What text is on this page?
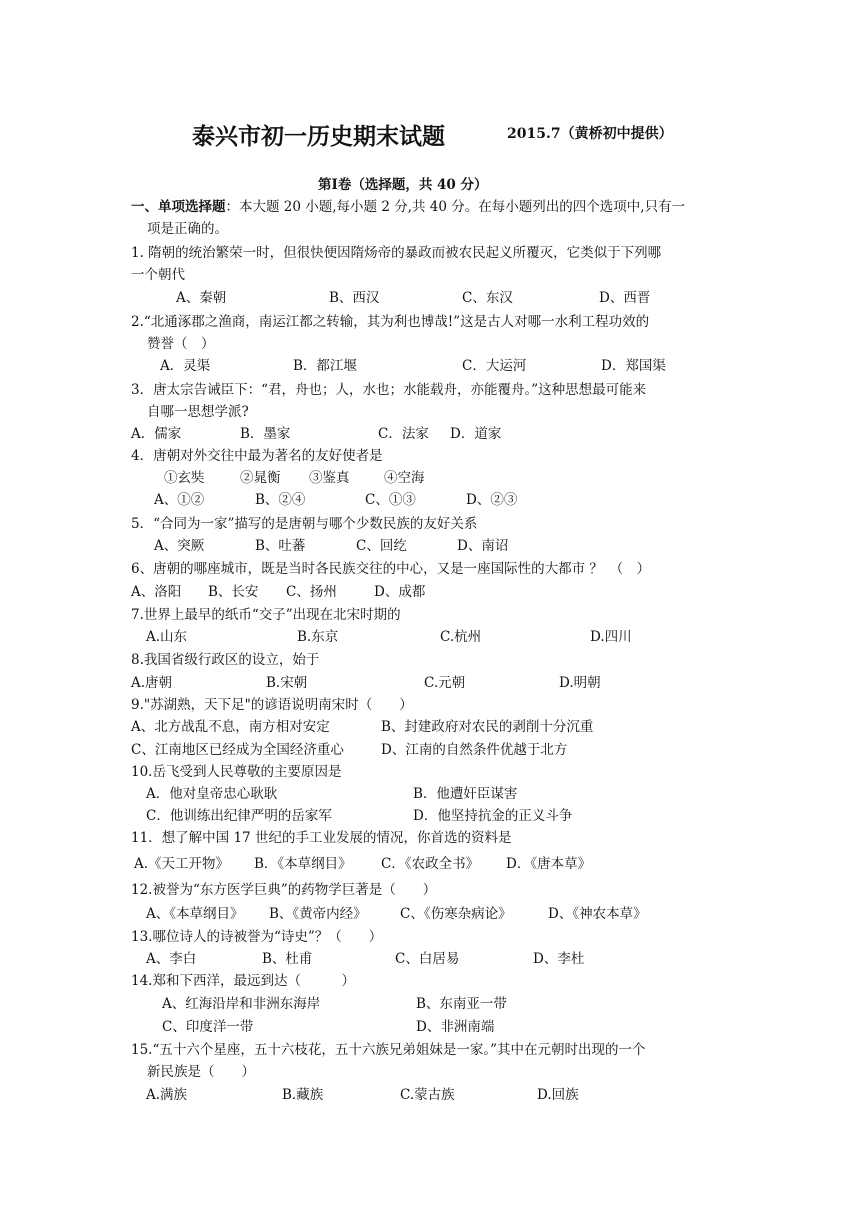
泰兴市初一历史期末试题	2015.7（黄桥初中提供）
第Ⅰ卷（选择题，共 40 分）
一、单项选择题：本大题 20 小题,每小题 2 分,共 40 分。在每小题列出的四个选项中,只有一
项是正确的。
1. 隋朝的统治繁荣一时，但很快便因隋炀帝的暴政而被农民起义所覆灭，它类似于下列哪
一个朝代
A、秦朝	B、西汉	C、东汉	D、西晋
2.“北通涿郡之渔商，南运江都之转输，其为利也博哉!”这是古人对哪一水利工程功效的
赞誉（　）
A．灵渠	B．都江堰	C．大运河	D．郑国渠
3．唐太宗告诫臣下：“君，舟也；人，水也；水能载舟，亦能覆舟。”这种思想最可能来
自哪一思想学派?
A．儒家	B．墨家	C．法家 D．道家
4．唐朝对外交往中最为著名的友好使者是
①玄奘	②晁衡 ③鉴真	④空海
A、①②	B、②④	C、①③	D、②③
5．“合同为一家”描写的是唐朝与哪个少数民族的友好关系
A、突厥	B、吐蕃	C、回纥	D、南诏
6、唐朝的哪座城市，既是当时各民族交往的中心，又是一座国际性的大都市 ？　（　）
A、洛阳 B、长安 C、扬州	D、成都
7.世界上最早的纸币“交子”出现在北宋时期的
A.山东	B.东京	C.杭州	D.四川
8.我国省级行政区的设立，始于
A.唐朝	B.宋朝	C.元朝	D.明朝
9."苏湖熟，天下足"的谚语说明南宋时（　　）
A、北方战乱不息，南方相对安定	B、封建政府对农民的剥削十分沉重
C、江南地区已经成为全国经济重心	D、江南的自然条件优越于北方
10.岳飞受到人民尊敬的主要原因是
A．他对皇帝忠心耿耿	B．他遭奸臣谋害
C．他训练出纪律严明的岳家军	D．他坚持抗金的正义斗争
11．想了解中国 17 世纪的手工业发展的情况，你首选的资料是
A.《天工开物》 B．《本草纲目》 C．《农政全书》 D．《唐本草》
12.被誉为“东方医学巨典”的药物学巨著是（　　）
A、《本草纲目》 B、《黄帝内经》 C、《伤寒杂病论》	D、《神农本草》
13.哪位诗人的诗被誉为“诗史”？（　　）
A、李白	B、杜甫	C、白居易	D、李杜
14.郑和下西洋，最远到达（　　　）
A、红海沿岸和非洲东海岸	B、东南亚一带
C、印度洋一带	D、非洲南端
15.“五十六个星座，五十六枝花，五十六族兄弟姐妹是一家。”其中在元朝时出现的一个
新民族是（　　）
A.满族	B.藏族	C.蒙古族	D.回族
